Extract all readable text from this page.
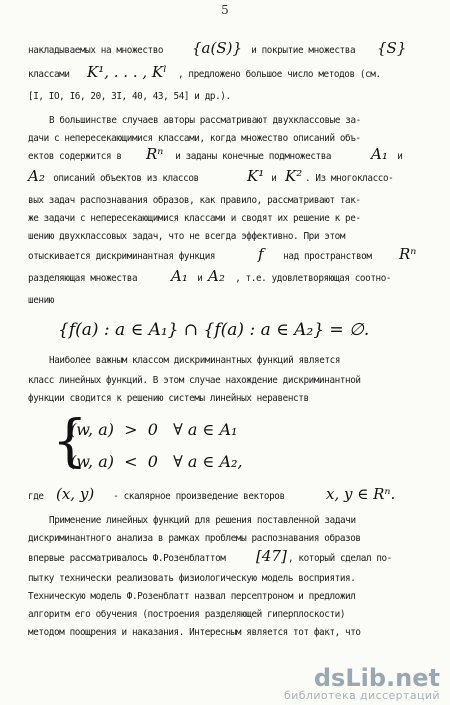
5
накладываемых на множество {a(S)} и покрытие множества {S}
классами K¹, . . . , Kˡ , предложено большое число методов (см.
[I, IO, I6, 20, 3I, 40, 43, 54] и др.).
В большинстве случаев авторы рассматривают двухклассовые за-
дачи с непересекающимися классами, когда множество описаний объ-
ектов содержится в Rⁿ и заданы конечные подмножества A₁ и
A₂ описаний объектов из классов	K¹ и K² . Из многоклассо-
вых задач распознавания образов, как правило, рассматривают так-
же задачи с непересекающимися классами и сводят их решение к ре-
шению двухклассовых задач, что не всегда эффективно. При этом
отыскивается дискриминантная функция	f над пространством Rⁿ
разделяющая множества A₁ и A₂ , т.е. удовлетворяющая соотно-
шению
Наиболее важным классом дискриминантных функций является
класс линейных функций. В этом случае нахождение дискриминантной
функции сводится к решению системы линейных неравенств
где (x, y) - скалярное произведение векторов x, y ∈ Rⁿ.
Применение линейных функций для решения поставленной задачи
дискриминантного анализа в рамках проблемы распознавания образов
впервые рассматривалось Ф.Розенблаттом [47] , который сделал по-
пытку технически реализовать физиологическую модель восприятия.
Техническую модель Ф.Розенблатт назвал персептроном и предложил
алгоритм его обучения (построения разделяющей гиперплоскости)
методом поощрения и наказания. Интересным является тот факт, что
{f(a) : a ∈ A₁} ∩ {f(a) : a ∈ A₂} = ∅.
{
(w, a)  >  0   ∀ a ∈ A₁
(w, a)  <  0   ∀ a ∈ A₂,
dsLib.net
библиотека диссертаций
